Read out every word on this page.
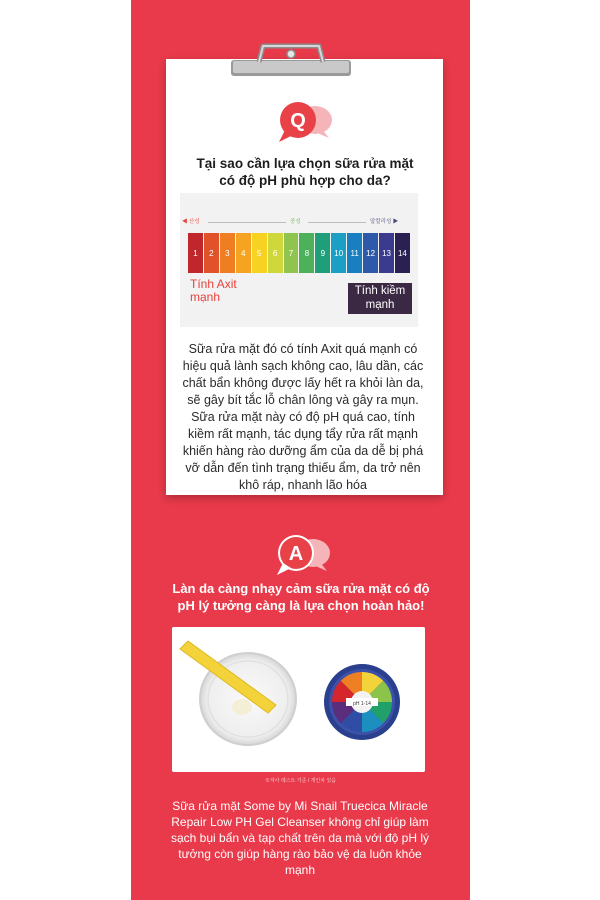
Q
Tại sao cần lựa chọn sữa rửa mặt
có độ pH phù hợp cho da?
◀ 산성	중성	알칼리성 ▶
1	2	3	4	5	6	7	8	9	10 11 12 13 14
Tính Axit
mạnh	Tính kiềm
mạnh
Sữa rửa mặt đó có tính Axit quá mạnh có hiệu quả lành sạch không cao, lâu dần, các chất bẩn không được lấy hết ra khỏi làn da, sẽ gây bít tắc lỗ chân lông và gây ra mụn. Sữa rửa mặt này có độ pH quá cao, tính kiềm rất mạnh, tác dụng tẩy rửa rất mạnh khiến hàng rào dưỡng ẩm của da dễ bị phá vỡ dẫn đến tình trạng thiếu ẩm, da trở nên khô ráp, nhanh lão hóa
A
Làn da càng nhạy cảm sữa rửa mặt có độ pH lý tưởng càng là lựa chọn hoàn hảo!
pH 1-14
※자사 테스트 기준 / 개인차 있음
Sữa rửa mặt Some by Mi Snail Truecica Miracle Repair Low PH Gel Cleanser không chỉ giúp làm sạch bụi bẩn và tạp chất trên da mà với độ pH lý tưởng còn giúp hàng rào bảo vệ da luôn khỏe mạnh
